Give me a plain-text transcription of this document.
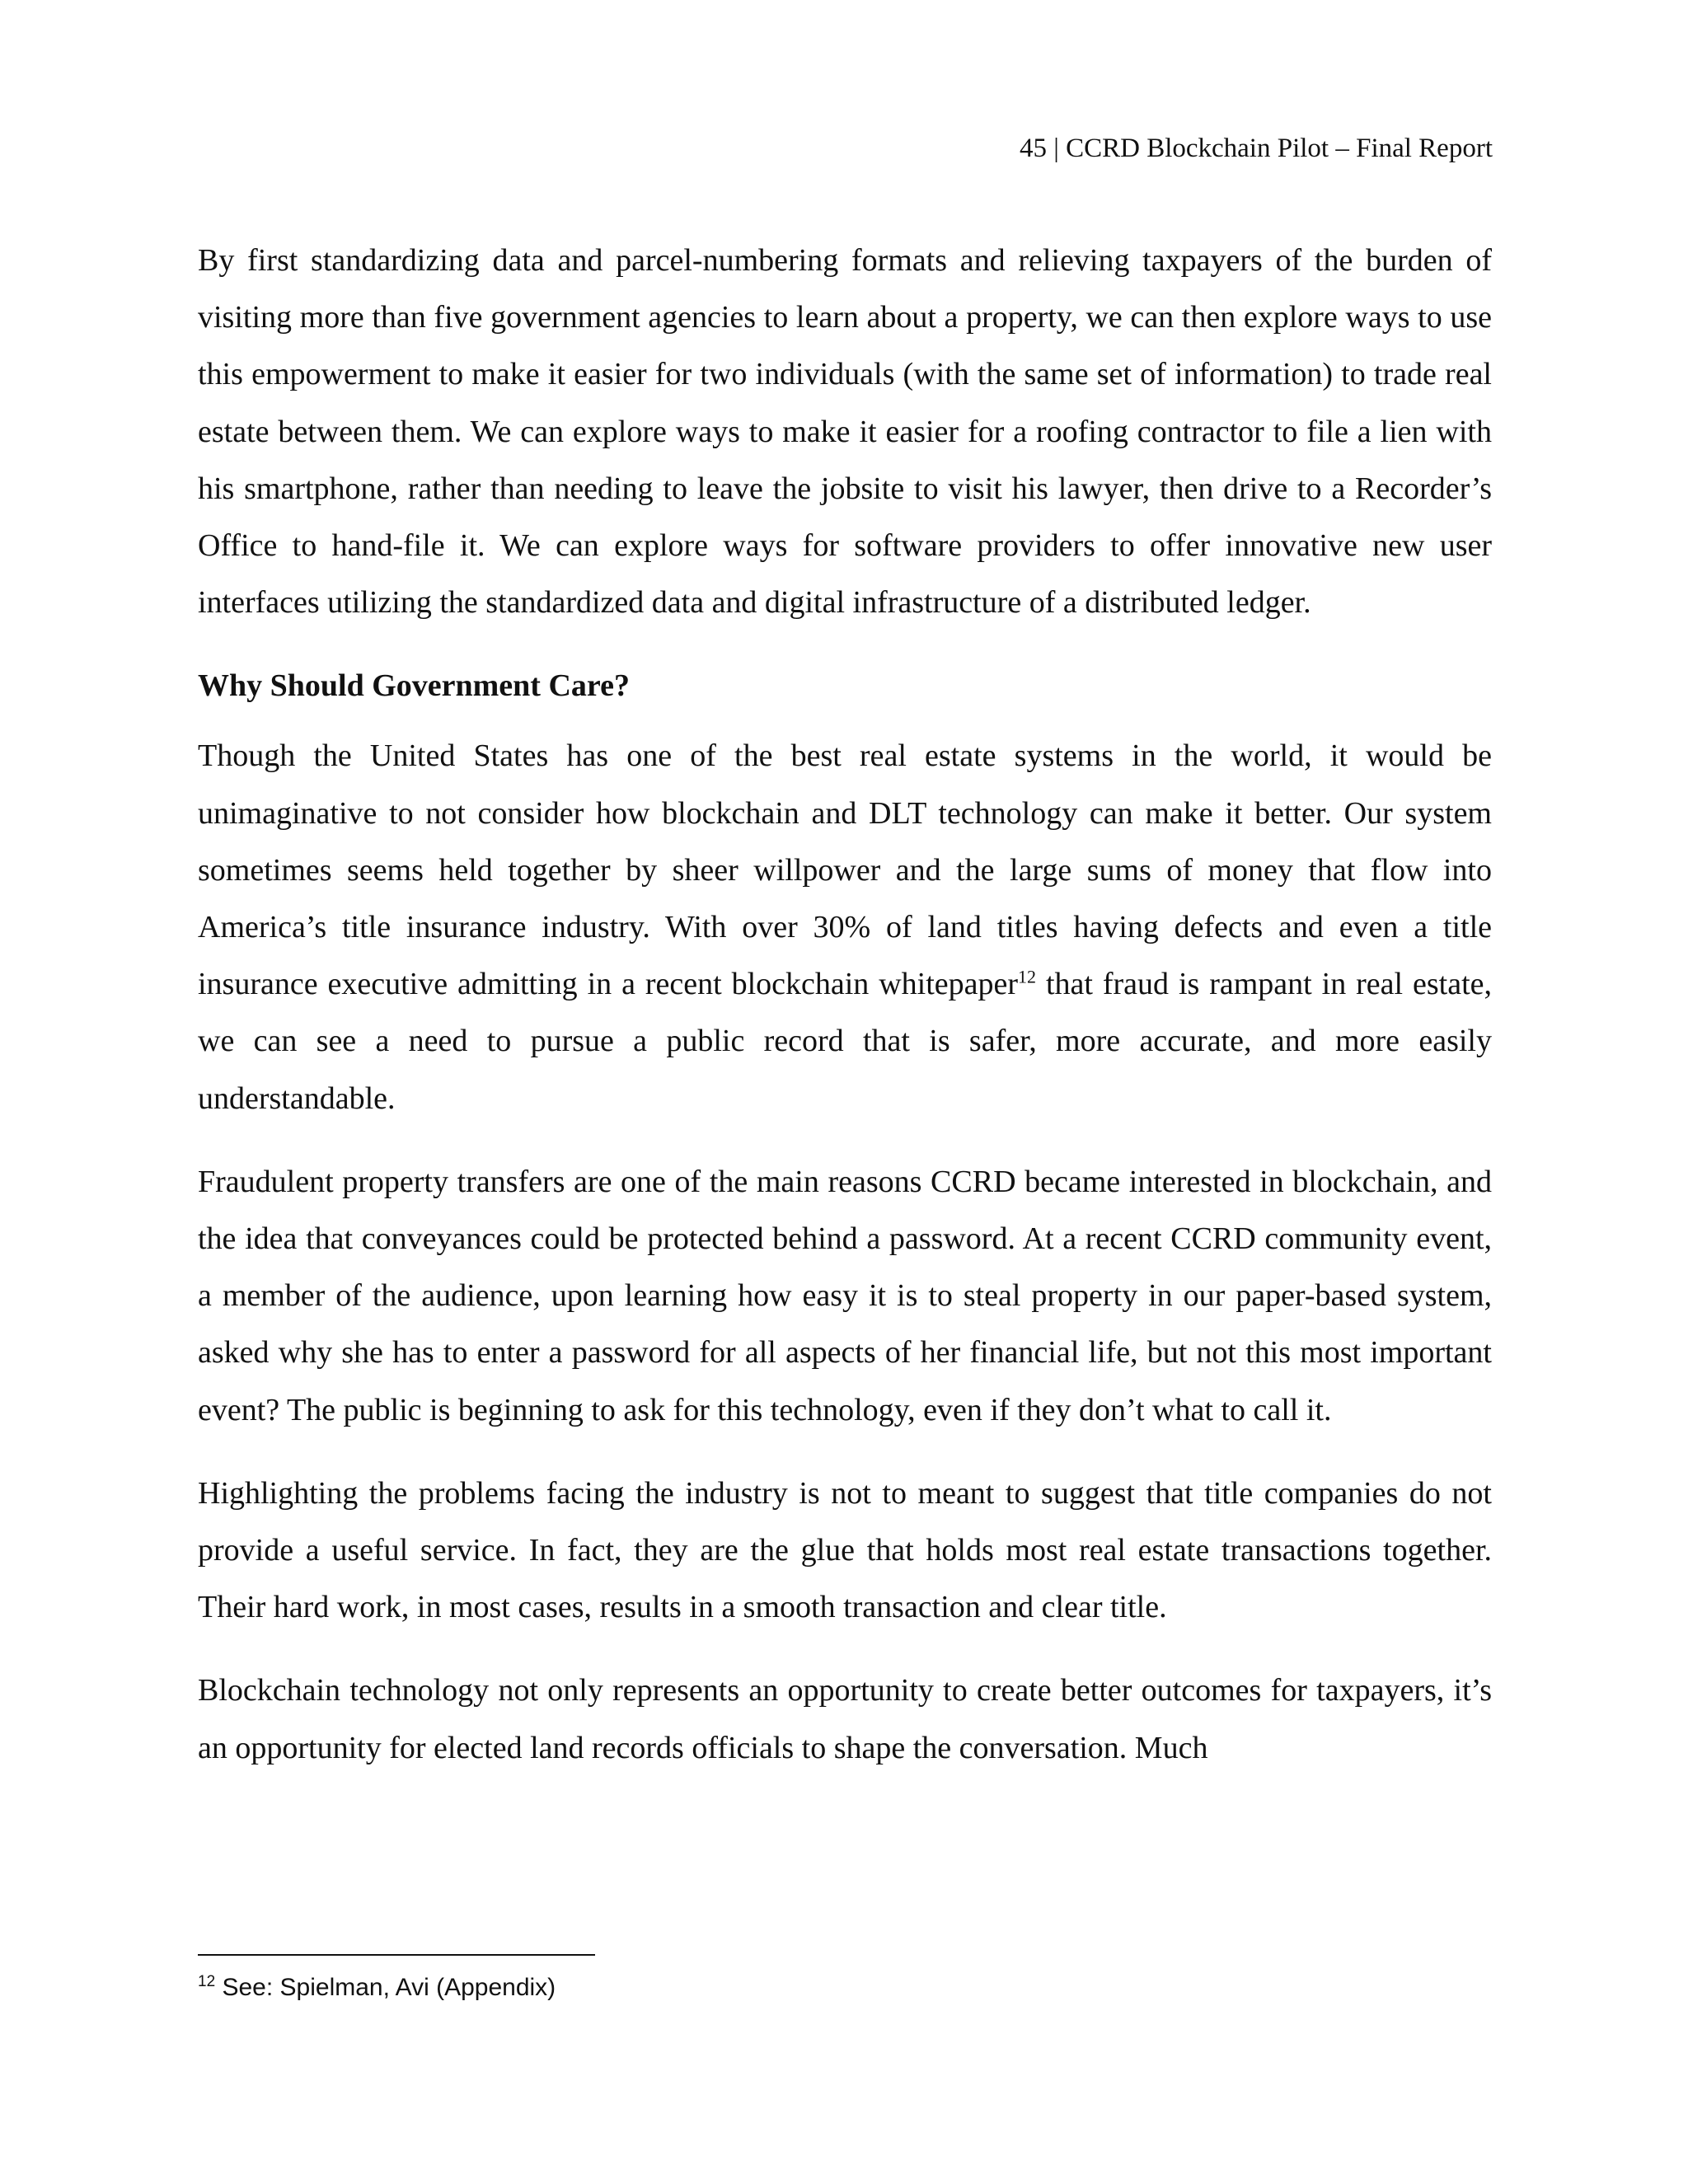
45 | CCRD Blockchain Pilot – Final Report

By first standardizing data and parcel-numbering formats and relieving taxpayers of the burden of visiting more than five government agencies to learn about a property, we can then explore ways to use this empowerment to make it easier for two individuals (with the same set of information) to trade real estate between them. We can explore ways to make it easier for a roofing contractor to file a lien with his smartphone, rather than needing to leave the jobsite to visit his lawyer, then drive to a Recorder’s Office to hand-file it. We can explore ways for software providers to offer innovative new user interfaces utilizing the standardized data and digital infrastructure of a distributed ledger.

Why Should Government Care?

Though the United States has one of the best real estate systems in the world, it would be unimaginative to not consider how blockchain and DLT technology can make it better. Our system sometimes seems held together by sheer willpower and the large sums of money that flow into America’s title insurance industry. With over 30% of land titles having defects and even a title insurance executive admitting in a recent blockchain whitepaper$^{12}$ that fraud is rampant in real estate, we can see a need to pursue a public record that is safer, more accurate, and more easily understandable.

Fraudulent property transfers are one of the main reasons CCRD became interested in blockchain, and the idea that conveyances could be protected behind a password. At a recent CCRD community event, a member of the audience, upon learning how easy it is to steal property in our paper-based system, asked why she has to enter a password for all aspects of her financial life, but not this most important event? The public is beginning to ask for this technology, even if they don’t what to call it.

Highlighting the problems facing the industry is not to meant to suggest that title companies do not provide a useful service. In fact, they are the glue that holds most real estate transactions together. Their hard work, in most cases, results in a smooth transaction and clear title.

Blockchain technology not only represents an opportunity to create better outcomes for taxpayers, it’s an opportunity for elected land records officials to shape the conversation. Much

$^{12}$ See: Spielman, Avi (Appendix)
